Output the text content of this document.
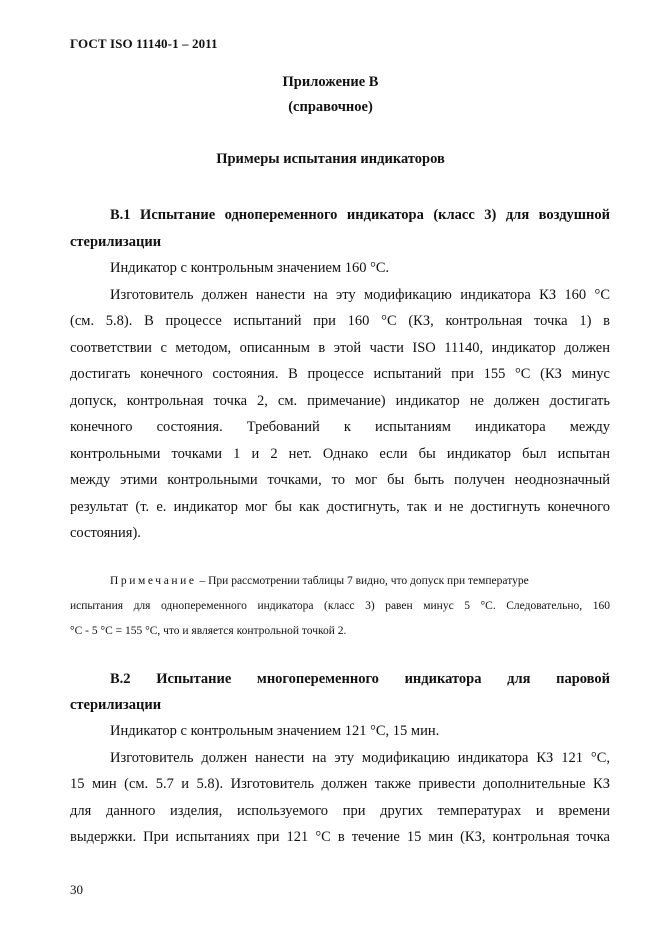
ГОСТ ISO 11140-1 – 2011
Приложение В
(справочное)
Примеры испытания индикаторов
В.1 Испытание однопеременного индикатора (класс 3) для воздушной
стерилизации
Индикатор с контрольным значением 160 °С.
Изготовитель должен нанести на эту модификацию индикатора КЗ 160 °С
(см. 5.8). В процессе испытаний при 160 °С (КЗ, контрольная точка 1) в
соответствии с методом, описанным в этой части ISO 11140, индикатор должен
достигать конечного состояния. В процессе испытаний при 155 °С (КЗ минус
допуск, контрольная точка 2, см. примечание) индикатор не должен достигать
конечного состояния. Требований к испытаниям индикатора между
контрольными точками 1 и 2 нет. Однако если бы индикатор был испытан
между этими контрольными точками, то мог бы быть получен неоднозначный
результат (т. е. индикатор мог бы как достигнуть, так и не достигнуть конечного
состояния).
Примечание – При рассмотрении таблицы 7 видно, что допуск при температуре
испытания для однопеременного индикатора (класс 3) равен минус 5 °С. Следовательно, 160
°С - 5 °С = 155 °С, что и является контрольной точкой 2.
В.2 Испытание многопеременного индикатора для паровой
стерилизации
Индикатор с контрольным значением 121 °С, 15 мин.
Изготовитель должен нанести на эту модификацию индикатора КЗ 121 °С,
15 мин (см. 5.7 и 5.8). Изготовитель должен также привести дополнительные КЗ
для данного изделия, используемого при других температурах и времени
выдержки. При испытаниях при 121 °С в течение 15 мин (КЗ, контрольная точка
30
